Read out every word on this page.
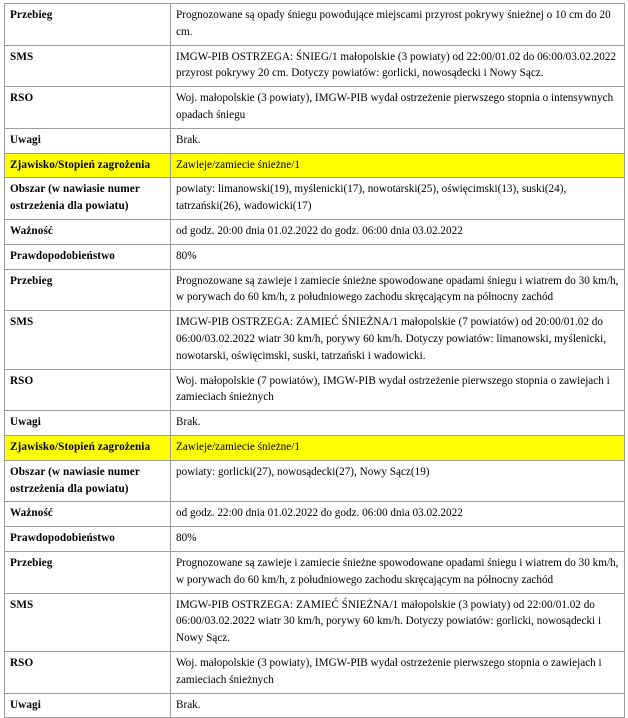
Przebieg	Prognozowane są opady śniegu powodujące miejscami przyrost pokrywy śnieżnej o 10 cm do 20 cm.
SMS	IMGW-PIB OSTRZEGA: ŚNIEG/1 małopolskie (3 powiaty) od 22:00/01.02 do 06:00/03.02.2022 przyrost pokrywy 20 cm. Dotyczy powiatów: gorlicki, nowosądecki i Nowy Sącz.
RSO	Woj. małopolskie (3 powiaty), IMGW-PIB wydał ostrzeżenie pierwszego stopnia o intensywnych opadach śniegu
Uwagi	Brak.
Zjawisko/Stopień zagrożenia	Zawieje/zamiecie śnieżne/1
Obszar (w nawiasie numer ostrzeżenia dla powiatu)	powiaty: limanowski(19), myślenicki(17), nowotarski(25), oświęcimski(13), suski(24), tatrzański(26), wadowicki(17)
Ważność	od godz. 20:00 dnia 01.02.2022 do godz. 06:00 dnia 03.02.2022
Prawdopodobieństwo	80%
Przebieg	Prognozowane są zawieje i zamiecie śnieżne spowodowane opadami śniegu i wiatrem do 30 km/h, w porywach do 60 km/h, z południowego zachodu skręcającym na północny zachód
SMS	IMGW-PIB OSTRZEGA: ZAMIEĆ ŚNIEŻNA/1 małopolskie (7 powiatów) od 20:00/01.02 do 06:00/03.02.2022 wiatr 30 km/h, porywy 60 km/h. Dotyczy powiatów: limanowski, myślenicki, nowotarski, oświęcimski, suski, tatrzański i wadowicki.
RSO	Woj. małopolskie (7 powiatów), IMGW-PIB wydał ostrzeżenie pierwszego stopnia o zawiejach i zamieciach śnieżnych
Uwagi	Brak.
Zjawisko/Stopień zagrożenia	Zawieje/zamiecie śnieżne/1
Obszar (w nawiasie numer ostrzeżenia dla powiatu)	powiaty: gorlicki(27), nowosądecki(27), Nowy Sącz(19)
Ważność	od godz. 22:00 dnia 01.02.2022 do godz. 06:00 dnia 03.02.2022
Prawdopodobieństwo	80%
Przebieg	Prognozowane są zawieje i zamiecie śnieżne spowodowane opadami śniegu i wiatrem do 30 km/h, w porywach do 60 km/h, z południowego zachodu skręcającym na północny zachód
SMS	IMGW-PIB OSTRZEGA: ZAMIEĆ ŚNIEŻNA/1 małopolskie (3 powiaty) od 22:00/01.02 do 06:00/03.02.2022 wiatr 30 km/h, porywy 60 km/h. Dotyczy powiatów: gorlicki, nowosądecki i Nowy Sącz.
RSO	Woj. małopolskie (3 powiaty), IMGW-PIB wydał ostrzeżenie pierwszego stopnia o zawiejach i zamieciach śnieżnych
Uwagi	Brak.
